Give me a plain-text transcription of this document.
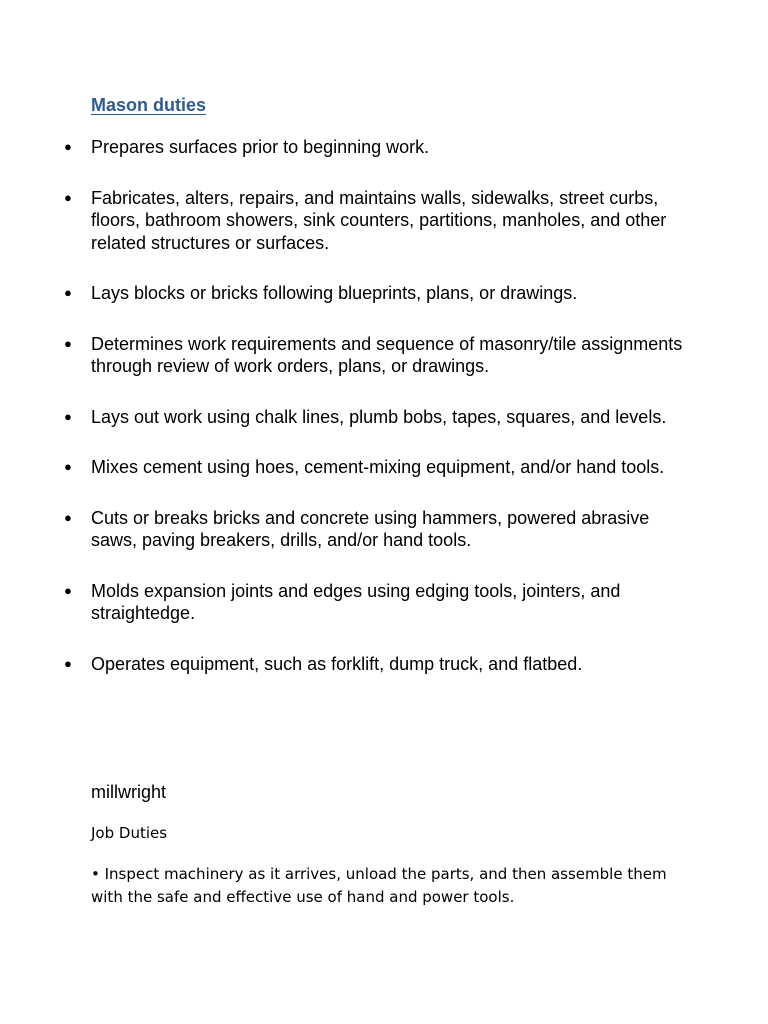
Mason duties
● Prepares surfaces prior to beginning work.
● Fabricates, alters, repairs, and maintains walls, sidewalks, street curbs, floors, bathroom showers, sink counters, partitions, manholes, and other related structures or surfaces.
● Lays blocks or bricks following blueprints, plans, or drawings.
● Determines work requirements and sequence of masonry/tile assignments through review of work orders, plans, or drawings.
● Lays out work using chalk lines, plumb bobs, tapes, squares, and levels.
● Mixes cement using hoes, cement-mixing equipment, and/or hand tools.
● Cuts or breaks bricks and concrete using hammers, powered abrasive saws, paving breakers, drills, and/or hand tools.
● Molds expansion joints and edges using edging tools, jointers, and straightedge.
● Operates equipment, such as forklift, dump truck, and flatbed.
millwright
Job Duties
• Inspect machinery as it arrives, unload the parts, and then assemble them with the safe and effective use of hand and power tools.
